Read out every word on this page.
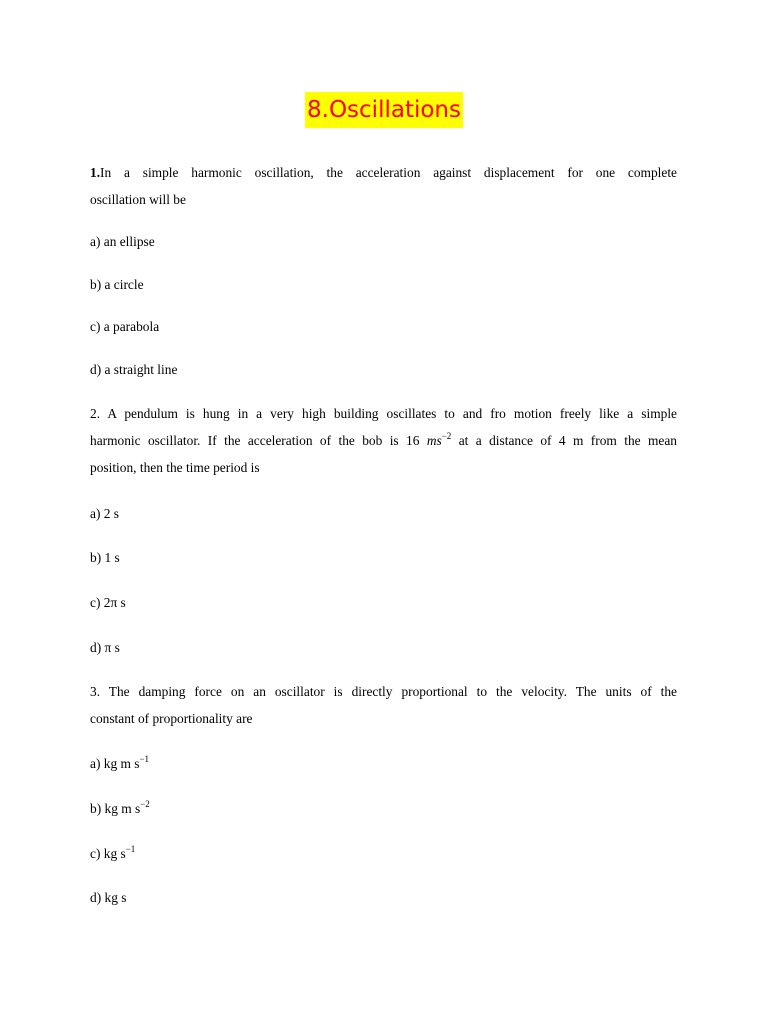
8.Oscillations
1.In a simple harmonic oscillation, the acceleration against displacement for one complete
oscillation will be
a) an ellipse
b) a circle
c) a parabola
d) a straight line
2. A pendulum is hung in a very high building oscillates to and fro motion freely like a simple
harmonic oscillator. If the acceleration of the bob is 16 $ms^{-2}$ at a distance of 4 m from the mean
position, then the time period is
a) 2 s
b) 1 s
c) 2π s
d) π s
3. The damping force on an oscillator is directly proportional to the velocity. The units of the
constant of proportionality are
a) kg m $s^{-1}$
b) kg m $s^{-2}$
c) kg $s^{-1}$
d) kg s
